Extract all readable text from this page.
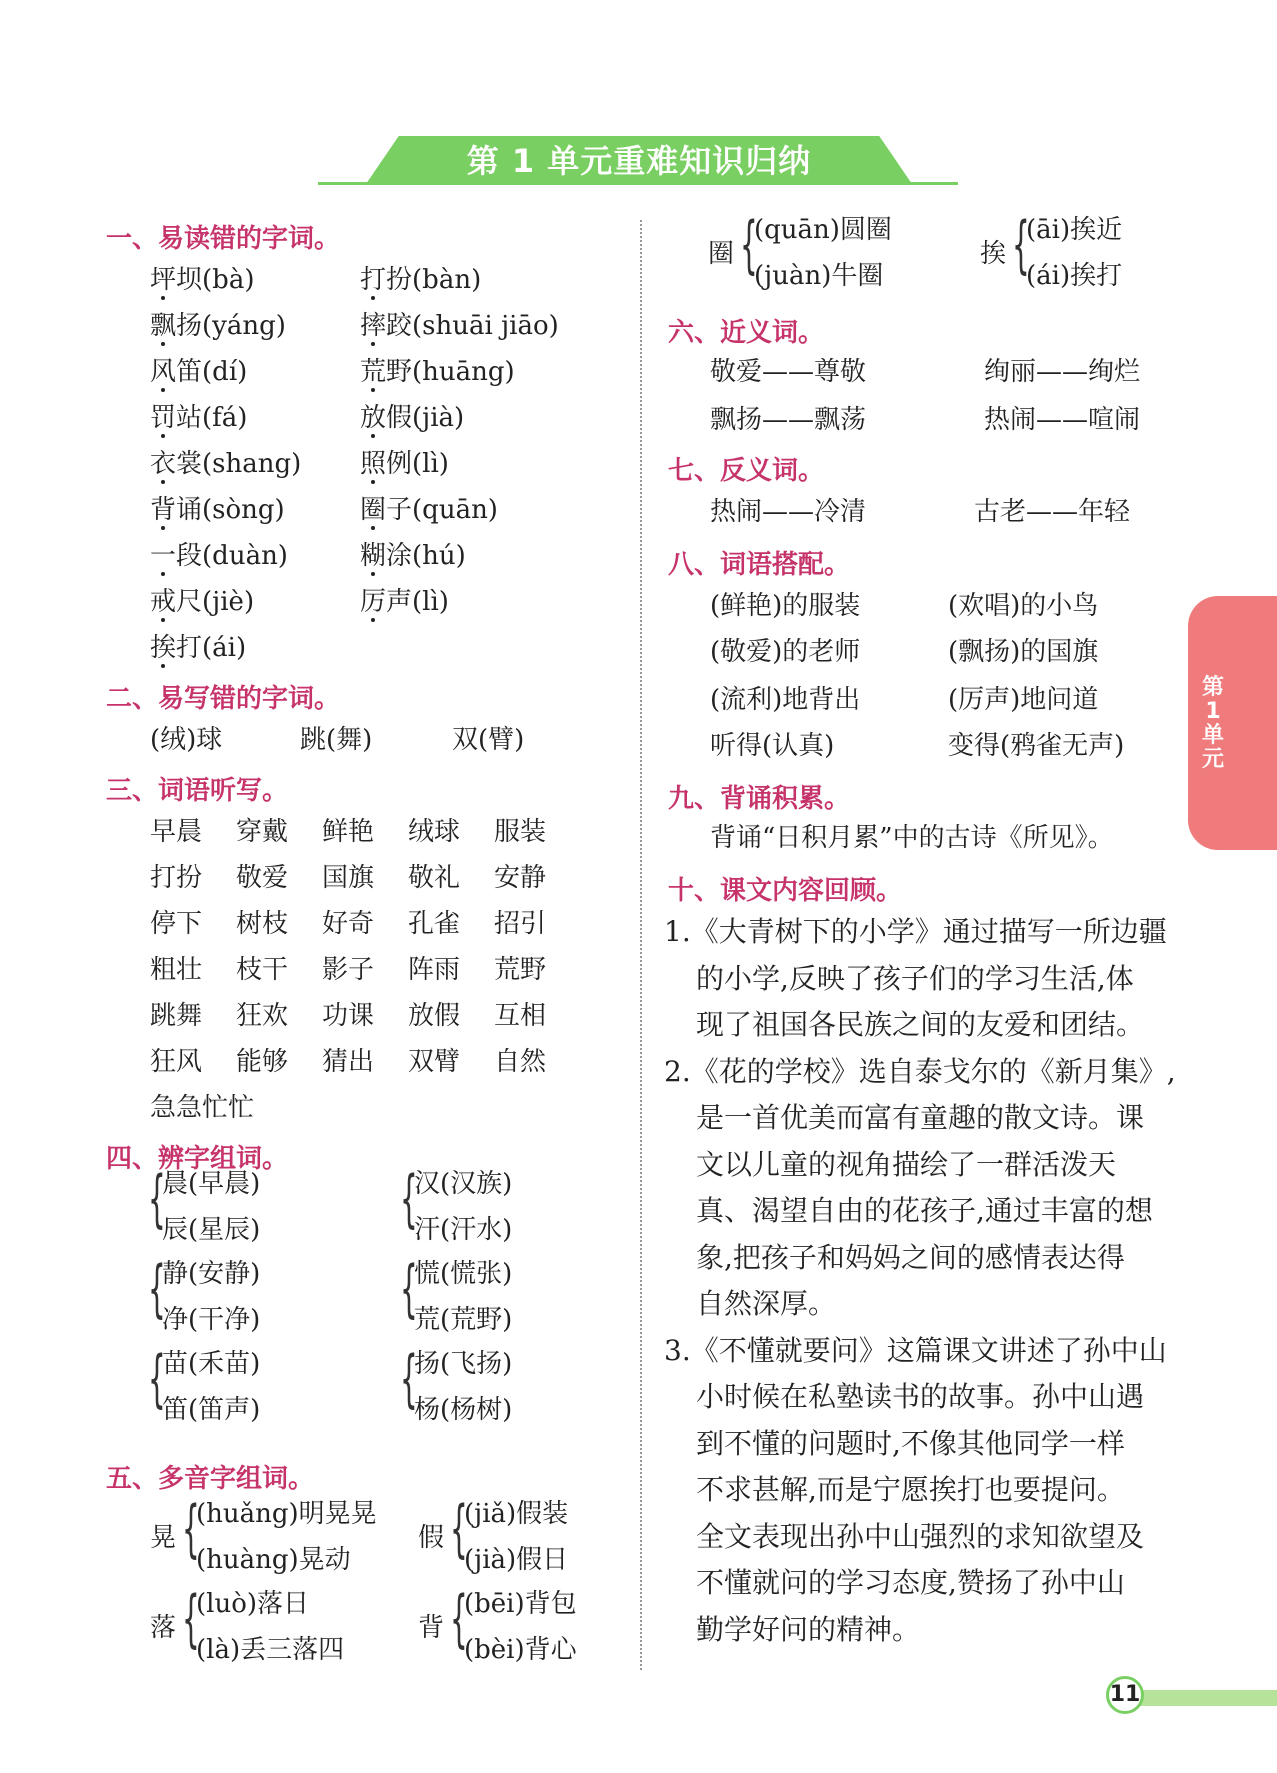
第 1 单元重难知识归纳
第1单元
11
一、易读错的字词。
二、易写错的字词。
(绒)球	跳(舞)	双(臂)
三、词语听写。
四、辨字组词。
五、多音字组词。
六、近义词。
敬爱——尊敬	绚丽——绚烂
飘扬——飘荡	热闹——喧闹
七、反义词。
热闹——冷清	古老——年轻
八、词语搭配。
(鲜艳)的服装	(欢唱)的小鸟
(敬爱)的老师	(飘扬)的国旗
(流利)地背出	(厉声)地问道
听得(认真)	变得(鸦雀无声)
九、背诵积累。
背诵“日积月累”中的古诗《所见》。
十、课文内容回顾。
坪坝(bà)	打扮(bàn)
飘扬(yáng)	摔跤(shuāi jiāo)
风笛(dí)	荒野(huāng)
罚站(fá)	放假(jià)
衣裳(shang) 照例(lì)
背诵(sòng)	圈子(quān)
一段(duàn)	糊涂(hú)
戒尺(jiè)	厉声(lì)
挨打(ái)
早晨 穿戴 鲜艳 绒球 服装
打扮 敬爱 国旗 敬礼 安静
停下 树枝 好奇 孔雀 招引
粗壮 枝干 影子 阵雨 荒野
跳舞 狂欢 功课 放假 互相
狂风 能够 猜出 双臂 自然
急急忙忙
{
晨(早晨)
辰(星辰) {
汉(汉族)
汗(汗水)
{
静(安静)
净(干净) {
慌(慌张)
荒(荒野)
{
苗(禾苗)
笛(笛声) {
扬(飞扬)
杨(杨树)
晃 {
(huǎng)明晃晃
(huàng)晃动
假 {
(jiǎ)假装
(jià)假日
落 {
(luò)落日
(là)丢三落四
背 {
(bēi)背包
(bèi)背心
圈 {
(quān)圆圈
(juàn)牛圈
挨 {
(āi)挨近
(ái)挨打
1.《大青树下的小学》通过描写一所边疆
的小学,反映了孩子们的学习生活,体
现了祖国各民族之间的友爱和团结。
2.《花的学校》选自泰戈尔的《新月集》,
是一首优美而富有童趣的散文诗。课
文以儿童的视角描绘了一群活泼天
真、渴望自由的花孩子,通过丰富的想
象,把孩子和妈妈之间的感情表达得
自然深厚。
3.《不懂就要问》这篇课文讲述了孙中山
小时候在私塾读书的故事。孙中山遇
到不懂的问题时,不像其他同学一样
不求甚解,而是宁愿挨打也要提问。
全文表现出孙中山强烈的求知欲望及
不懂就问的学习态度,赞扬了孙中山
勤学好问的精神。
